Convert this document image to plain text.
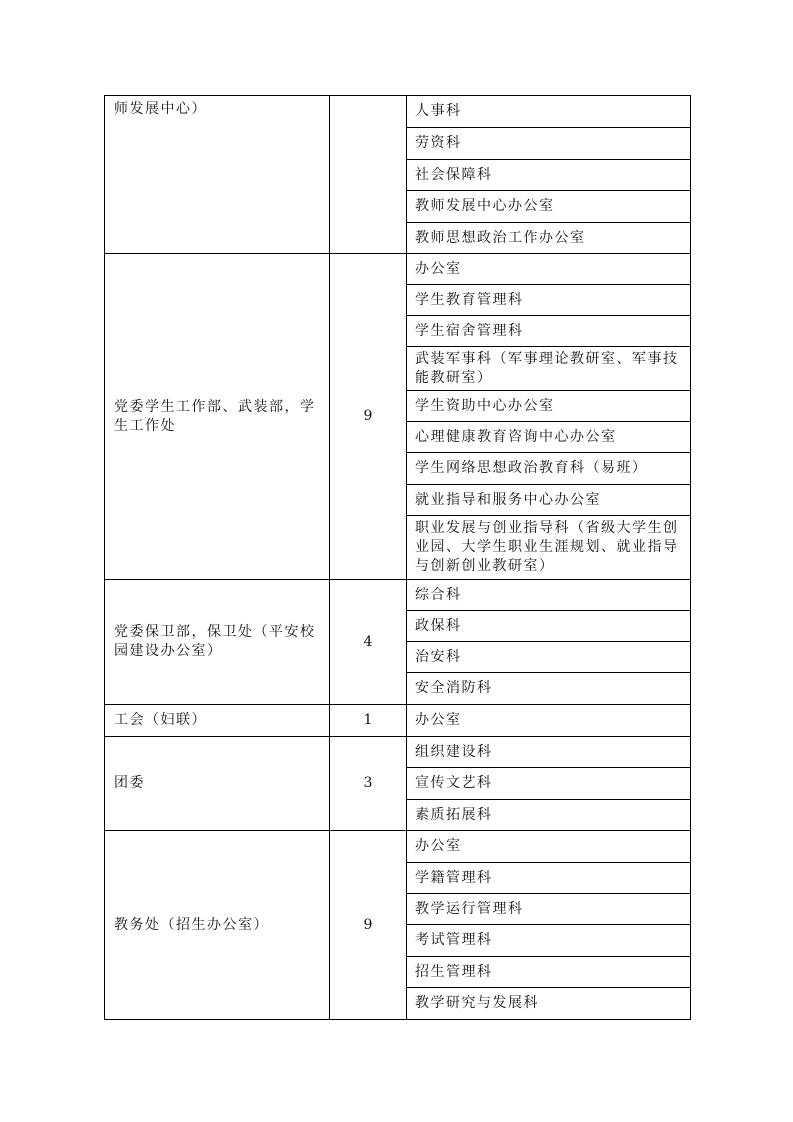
师发展中心）		人事科
		劳资科
		社会保障科
		教师发展中心办公室
		教师思想政治工作办公室
党委学生工作部、武装部，学生工作处	9	办公室
		学生教育管理科
		学生宿舍管理科
		武装军事科（军事理论教研室、军事技能教研室）
		学生资助中心办公室
		心理健康教育咨询中心办公室
		学生网络思想政治教育科（易班）
		就业指导和服务中心办公室
		职业发展与创业指导科（省级大学生创业园、大学生职业生涯规划、就业指导与创新创业教研室）
党委保卫部，保卫处（平安校园建设办公室）	4	综合科
		政保科
		治安科
		安全消防科
工会（妇联）	1	办公室
团委	3	组织建设科
		宣传文艺科
		素质拓展科
教务处（招生办公室）	9	办公室
		学籍管理科
		教学运行管理科
		考试管理科
		招生管理科
		教学研究与发展科
